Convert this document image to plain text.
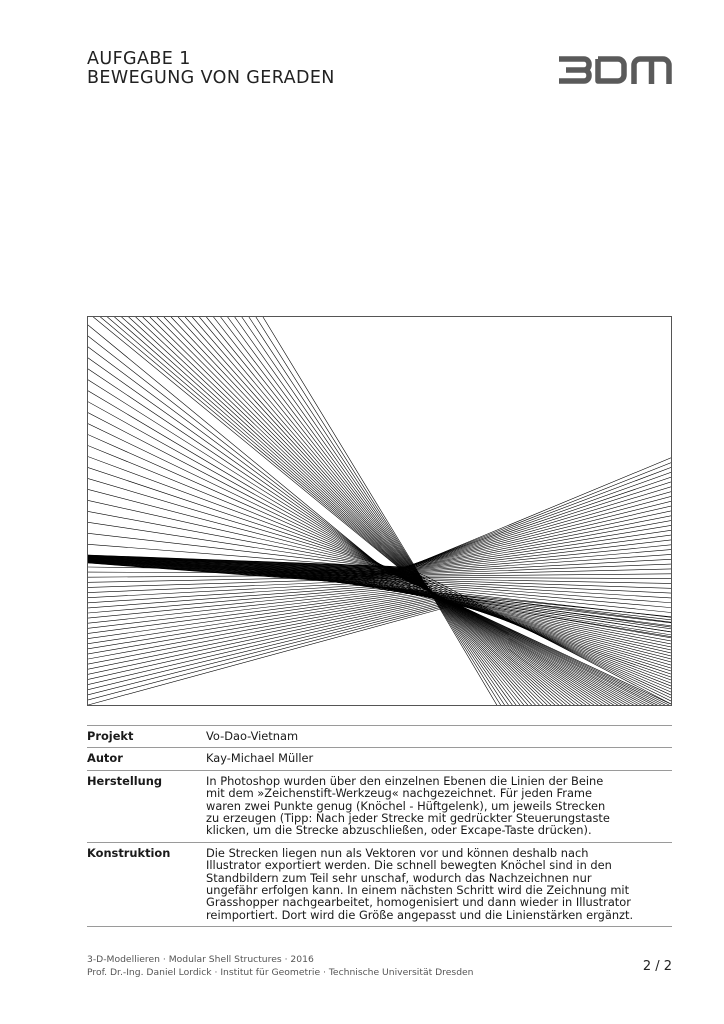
AUFGABE 1
BEWEGUNG VON GERADEN
Projekt	Vo-Dao-Vietnam
Autor	Kay-Michael Müller
Herstellung	In Photoshop wurden über den einzelnen Ebenen die Linien der Beine
mit dem »Zeichenstift-Werkzeug« nachgezeichnet. Für jeden Frame
waren zwei Punkte genug (Knöchel - Hüftgelenk), um jeweils Strecken
zu erzeugen (Tipp: Nach jeder Strecke mit gedrückter Steuerungstaste
klicken, um die Strecke abzuschließen, oder Excape-Taste drücken).
Konstruktion	Die Strecken liegen nun als Vektoren vor und können deshalb nach
Illustrator exportiert werden. Die schnell bewegten Knöchel sind in den
Standbildern zum Teil sehr unschaf, wodurch das Nachzeichnen nur
ungefähr erfolgen kann. In einem nächsten Schritt wird die Zeichnung mit
Grasshopper nachgearbeitet, homogenisiert und dann wieder in Illustrator
reimportiert. Dort wird die Größe angepasst und die Linienstärken ergänzt.
3-D-Modellieren · Modular Shell Structures · 2016
Prof. Dr.-Ing. Daniel Lordick · Institut für Geometrie · Technische Universität Dresden	2 / 2
